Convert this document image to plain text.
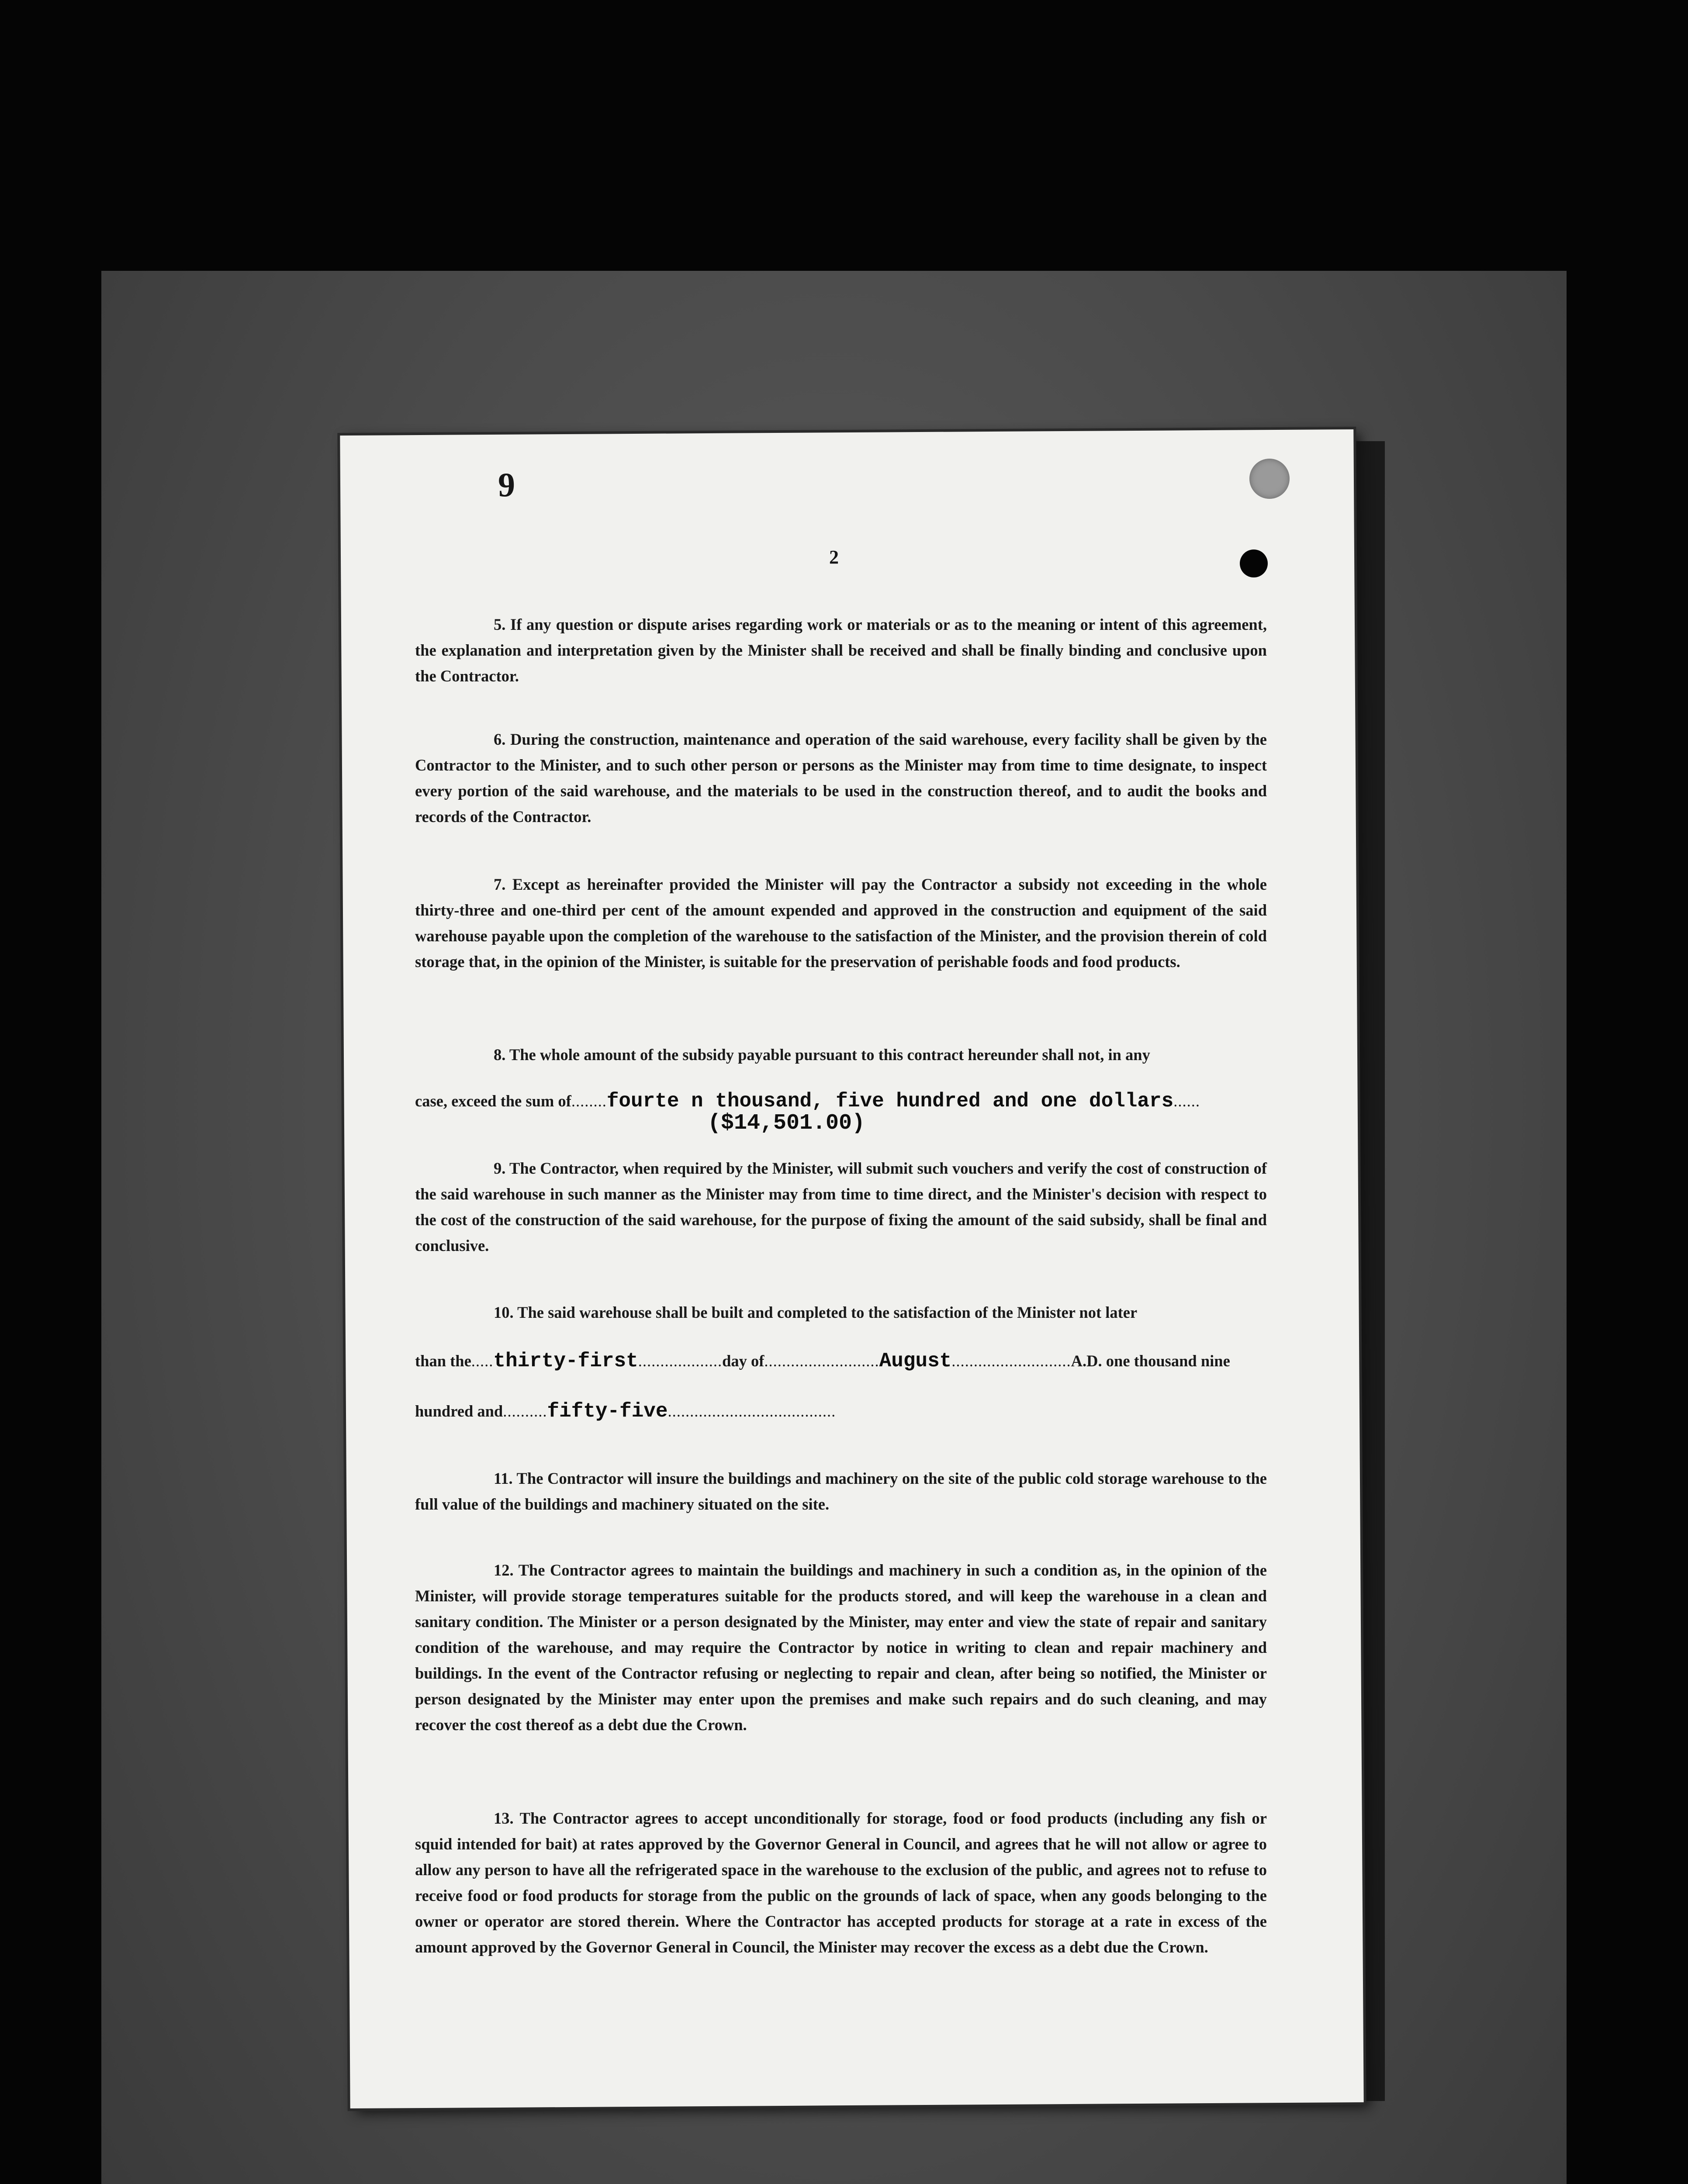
9
2
5. If any question or dispute arises regarding work or materials or as to the meaning or intent of this agreement, the explanation and interpretation given by the Minister shall be received and shall be finally binding and conclusive upon the Contractor.
6. During the construction, maintenance and operation of the said warehouse, every facility shall be given by the Contractor to the Minister, and to such other person or persons as the Minister may from time to time designate, to inspect every portion of the said warehouse, and the materials to be used in the construction thereof, and to audit the books and records of the Contractor.
7. Except as hereinafter provided the Minister will pay the Contractor a subsidy not exceeding in the whole thirty-three and one-third per cent of the amount expended and approved in the construction and equipment of the said warehouse payable upon the completion of the warehouse to the satisfaction of the Minister, and the provision therein of cold storage that, in the opinion of the Minister, is suitable for the preservation of perishable foods and food products.
8. The whole amount of the subsidy payable pursuant to this contract hereunder shall not, in any
case, exceed the sum of........fourte n thousand, five hundred and one dollars......
($14,501.00)
9. The Contractor, when required by the Minister, will submit such vouchers and verify the cost of construction of the said warehouse in such manner as the Minister may from time to time direct, and the Minister's decision with respect to the cost of the construction of the said warehouse, for the purpose of fixing the amount of the said subsidy, shall be final and conclusive.
10. The said warehouse shall be built and completed to the satisfaction of the Minister not later
than the.....thirty-first...................day of..........................August...........................A.D. one thousand nine
hundred and..........fifty-five......................................
11. The Contractor will insure the buildings and machinery on the site of the public cold storage warehouse to the full value of the buildings and machinery situated on the site.
12. The Contractor agrees to maintain the buildings and machinery in such a condition as, in the opinion of the Minister, will provide storage temperatures suitable for the products stored, and will keep the warehouse in a clean and sanitary condition. The Minister or a person designated by the Minister, may enter and view the state of repair and sanitary condition of the warehouse, and may require the Contractor by notice in writing to clean and repair machinery and buildings. In the event of the Contractor refusing or neglecting to repair and clean, after being so notified, the Minister or person designated by the Minister may enter upon the premises and make such repairs and do such cleaning, and may recover the cost thereof as a debt due the Crown.
13. The Contractor agrees to accept unconditionally for storage, food or food products (including any fish or squid intended for bait) at rates approved by the Governor General in Council, and agrees that he will not allow or agree to allow any person to have all the refrigerated space in the warehouse to the exclusion of the public, and agrees not to refuse to receive food or food products for storage from the public on the grounds of lack of space, when any goods belonging to the owner or operator are stored therein. Where the Contractor has accepted products for storage at a rate in excess of the amount approved by the Governor General in Council, the Minister may recover the excess as a debt due the Crown.
